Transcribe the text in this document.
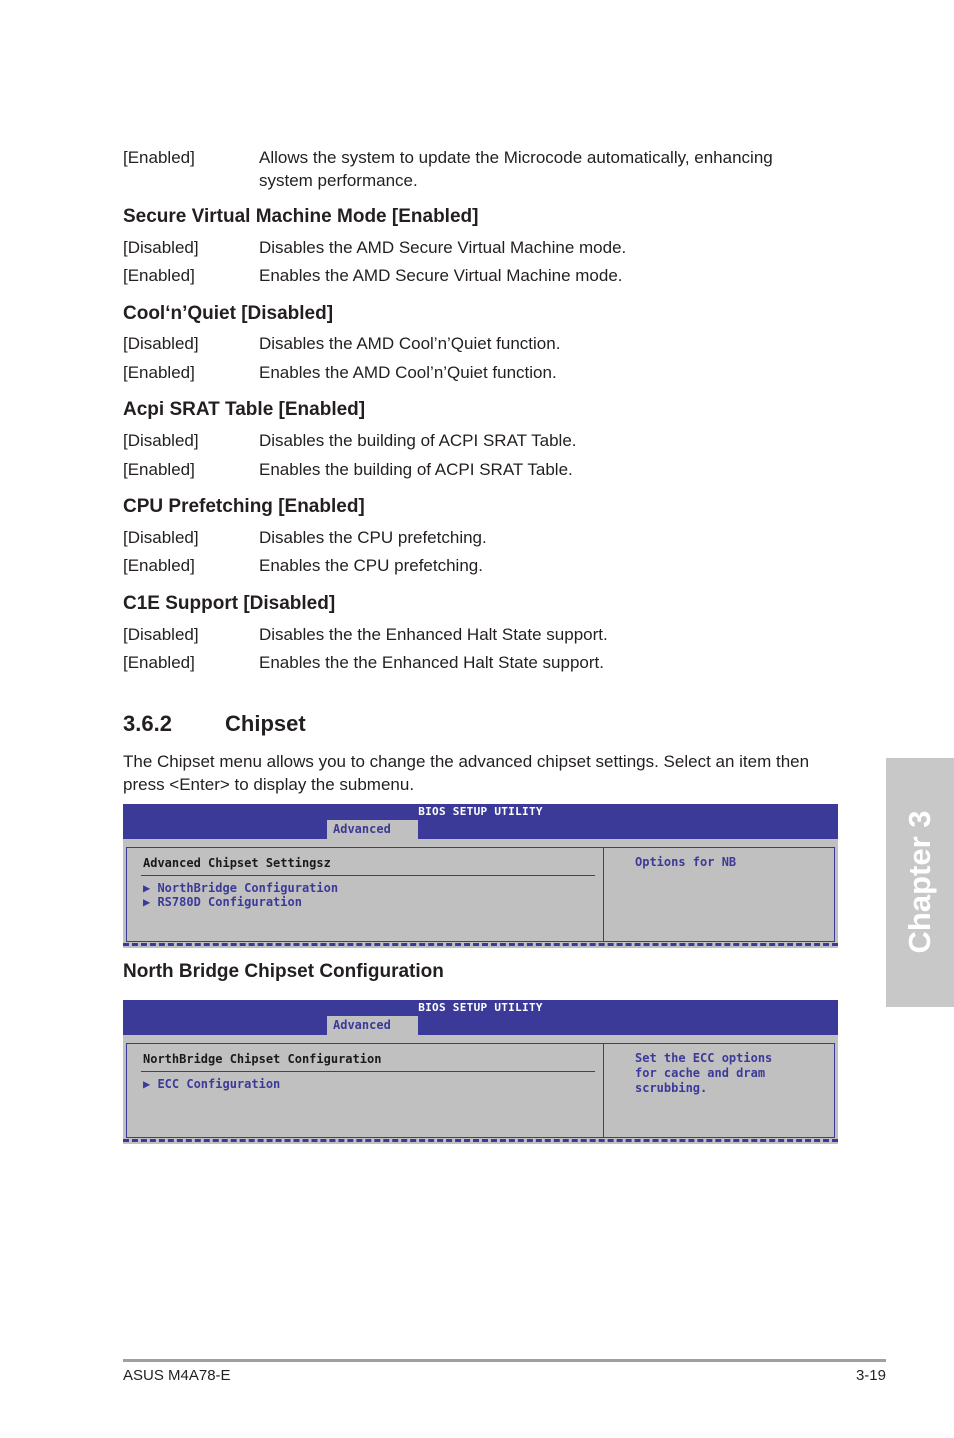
[Enabled]	Allows the system to update the Microcode automatically, enhancing system performance.
Secure Virtual Machine Mode [Enabled]
[Disabled]	Disables the AMD Secure Virtual Machine mode.
[Enabled]	Enables the AMD Secure Virtual Machine mode.
Cool‘n’Quiet [Disabled]
[Disabled]	Disables the AMD Cool’n’Quiet function.
[Enabled]	Enables the AMD Cool’n’Quiet function.
Acpi SRAT Table [Enabled]
[Disabled]	Disables the building of ACPI SRAT Table.
[Enabled]	Enables the building of ACPI SRAT Table.
CPU Prefetching [Enabled]
[Disabled]	Disables the CPU prefetching.
[Enabled]	Enables the CPU prefetching.
C1E Support [Disabled]
[Disabled]	Disables the the Enhanced Halt State support.
[Enabled]	Enables the the Enhanced Halt State support.
3.6.2 Chipset
The Chipset menu allows you to change the advanced chipset settings. Select an item then press <Enter> to display the submenu.
BIOS SETUP UTILITY
Advanced
Advanced Chipset Settingsz
▶ NorthBridge Configuration
▶ RS780D Configuration
Options for NB
North Bridge Chipset Configuration
BIOS SETUP UTILITY
Advanced
NorthBridge Chipset Configuration
▶ ECC Configuration
Set the ECC options
for cache and dram
scrubbing.
Chapter 3
ASUS M4A78-E	3-19
